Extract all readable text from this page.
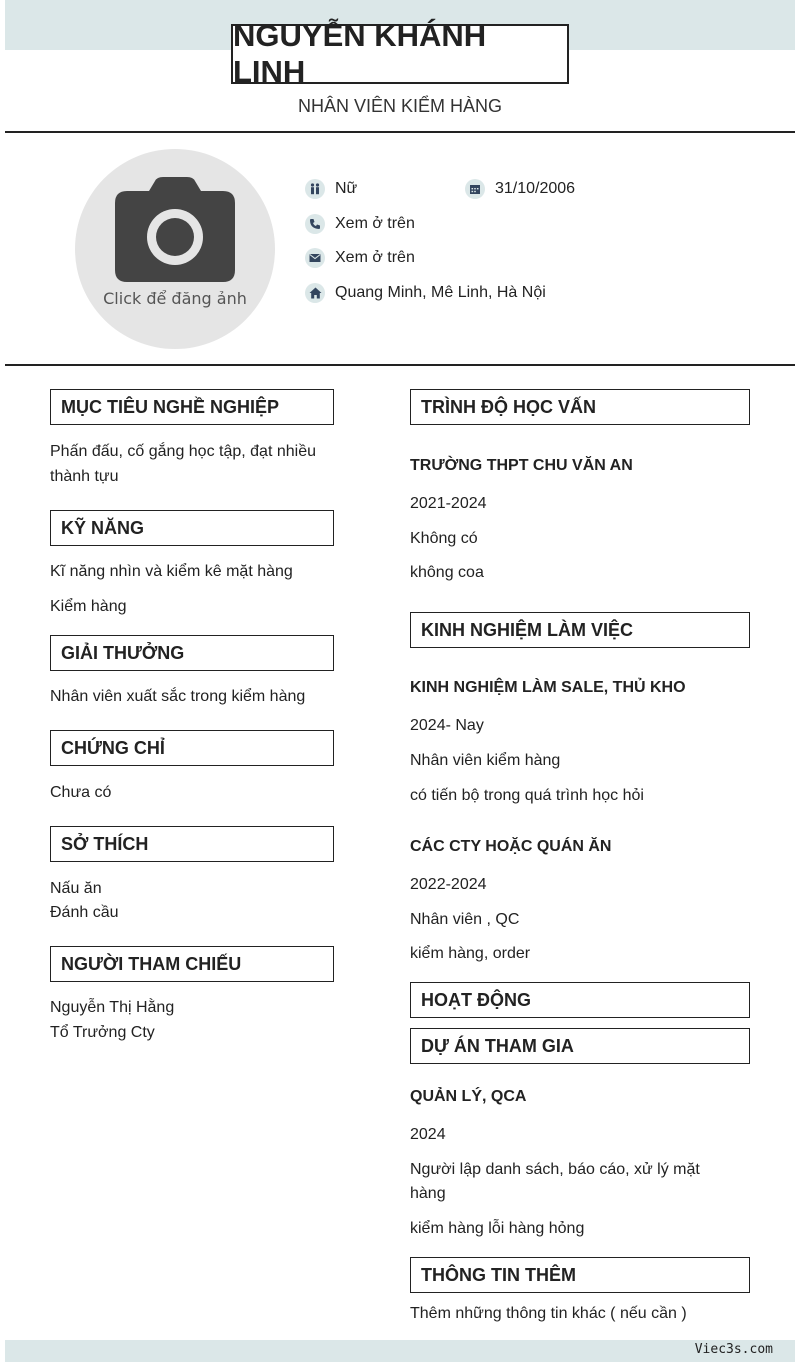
NGUYỄN KHÁNH LINH
NHÂN VIÊN KIỂM HÀNG
Click để đăng ảnh
Nữ	31/10/2006
Xem ở trên
Xem ở trên
Quang Minh, Mê Linh, Hà Nội
MỤC TIÊU NGHỀ NGHIỆP
Phấn đấu, cố gắng học tập, đạt nhiều
thành tựu
KỸ NĂNG
Kĩ năng nhìn và kiểm kê mặt hàng
Kiểm hàng
GIẢI THƯỞNG
Nhân viên xuất sắc trong kiểm hàng
CHỨNG CHỈ
Chưa có
SỞ THÍCH
Nấu ăn
Đánh cầu
NGƯỜI THAM CHIẾU
Nguyễn Thị Hằng
Tổ Trưởng Cty
TRÌNH ĐỘ HỌC VẤN
TRƯỜNG THPT CHU VĂN AN
2021-2024
Không có
không coa
KINH NGHIỆM LÀM VIỆC
KINH NGHIỆM LÀM SALE, THỦ KHO
2024- Nay
Nhân viên kiểm hàng
có tiến bộ trong quá trình học hỏi
CÁC CTY HOẶC QUÁN ĂN
2022-2024
Nhân viên , QC
kiểm hàng, order
HOẠT ĐỘNG
DỰ ÁN THAM GIA
QUẢN LÝ, QCA
2024
Người lập danh sách, báo cáo, xử lý mặt
hàng
kiểm hàng lỗi hàng hỏng
THÔNG TIN THÊM
Thêm những thông tin khác ( nếu cần )
Viec3s.com
